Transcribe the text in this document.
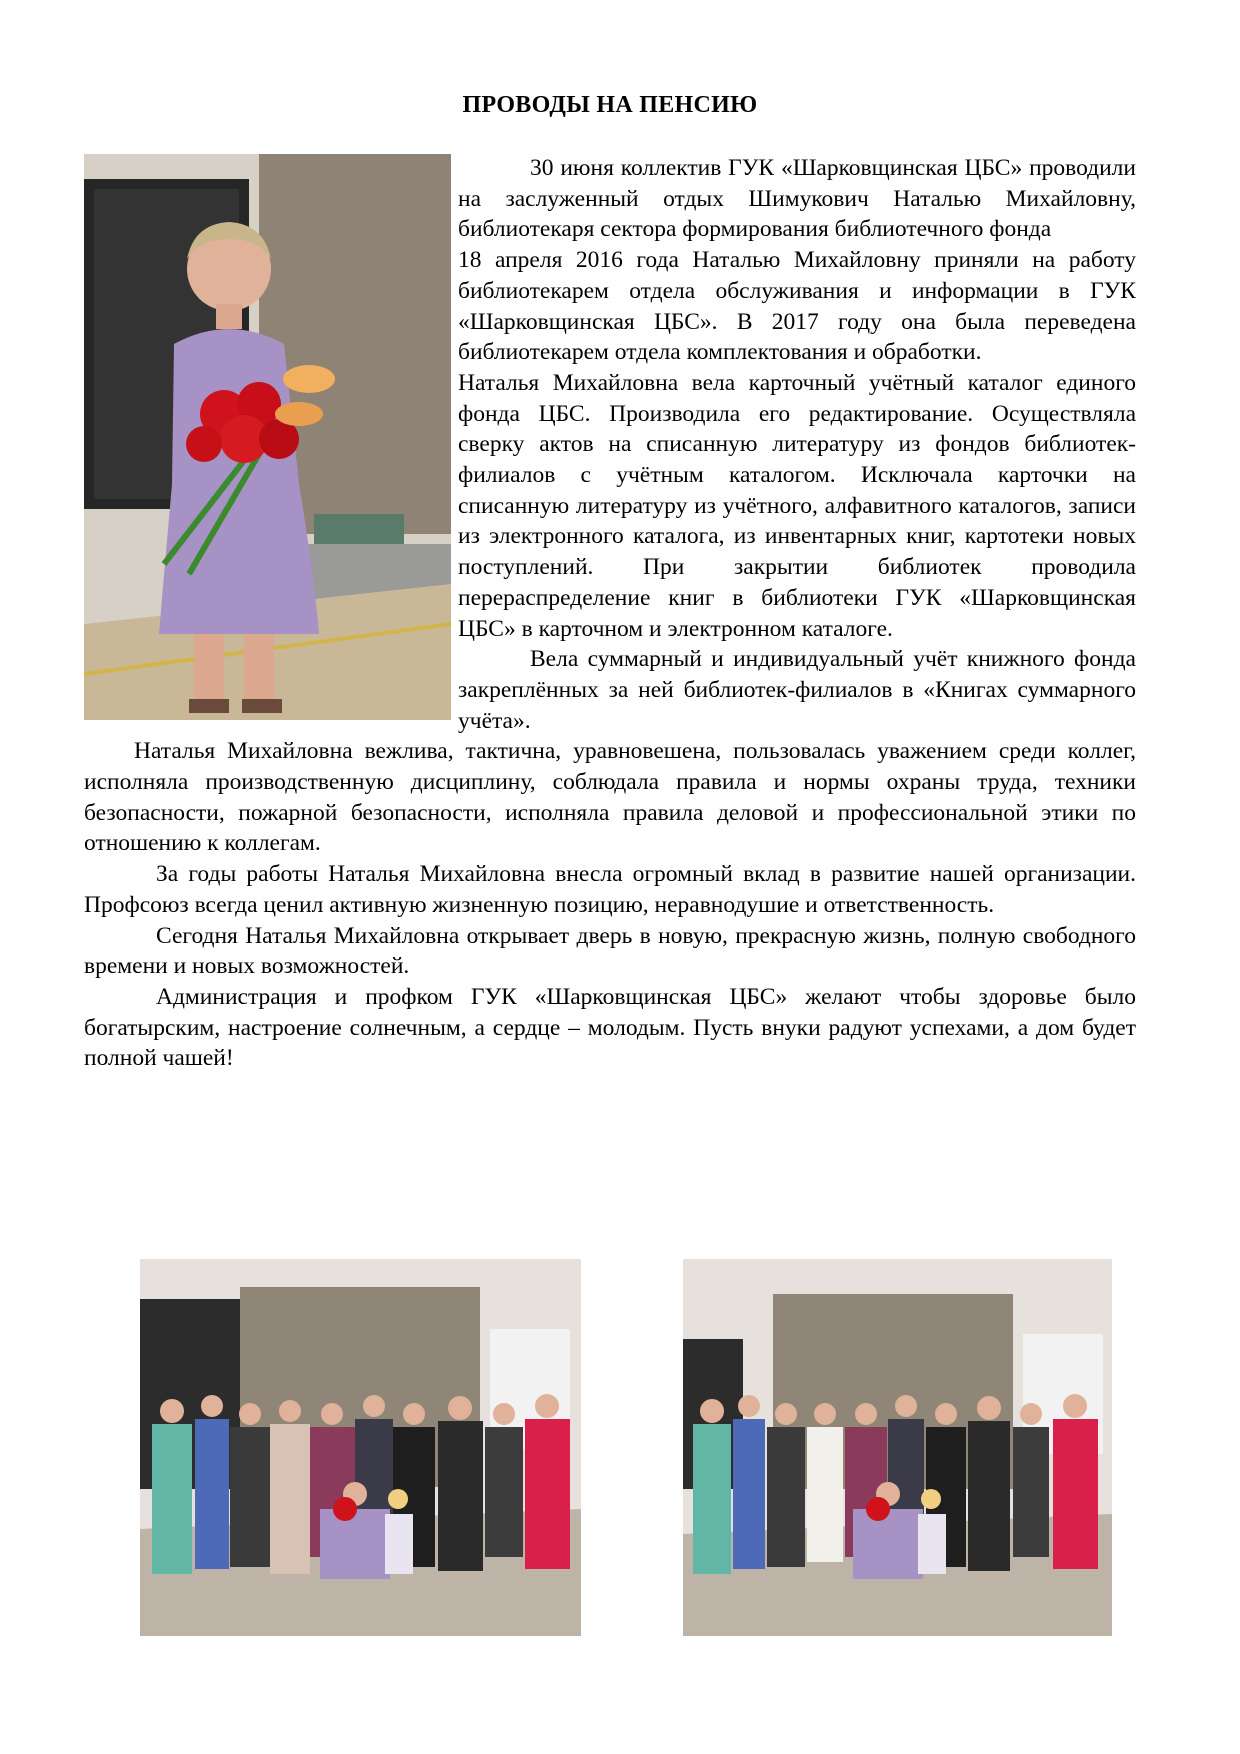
ПРОВОДЫ НА ПЕНСИЮ

30 июня коллектив ГУК «Шарковщинская ЦБС» проводили на заслуженный отдых Шимукович Наталью Михайловну, библиотекаря сектора формирования библиотечного фонда

18 апреля 2016 года Наталью Михайловну приняли на работу библиотекарем отдела обслуживания и информации в ГУК «Шарковщинская ЦБС». В 2017 году она была переведена библиотекарем отдела комплектования и обработки.

Наталья Михайловна вела карточный учётный каталог единого фонда ЦБС. Производила его редактирование. Осуществляла сверку актов на списанную литературу из фондов библиотек-филиалов с учётным каталогом. Исключала карточки на списанную литературу из учётного, алфавитного каталогов, записи из электронного каталога, из инвентарных книг, картотеки новых поступлений. При закрытии библиотек проводила перераспределение книг в библиотеки ГУК «Шарковщинская ЦБС» в карточном и электронном каталоге.

Вела суммарный и индивидуальный учёт книжного фонда закреплённых за ней библиотек-филиалов в «Книгах суммарного учёта».

Наталья Михайловна вежлива, тактична, уравновешена, пользовалась уважением среди коллег, исполняла производственную дисциплину, соблюдала правила и нормы охраны труда, техники безопасности, пожарной безопасности, исполняла правила деловой и профессиональной этики по отношению к коллегам.

За годы работы Наталья Михайловна внесла огромный вклад в развитие нашей организации. Профсоюз всегда ценил активную жизненную позицию, неравнодушие и ответственность.

Сегодня Наталья Михайловна открывает дверь в новую, прекрасную жизнь, полную свободного времени и новых возможностей.

Администрация и профком ГУК «Шарковщинская ЦБС» желают чтобы здоровье было богатырским, настроение солнечным, а сердце – молодым. Пусть внуки радуют успехами, а дом будет полной чашей!
